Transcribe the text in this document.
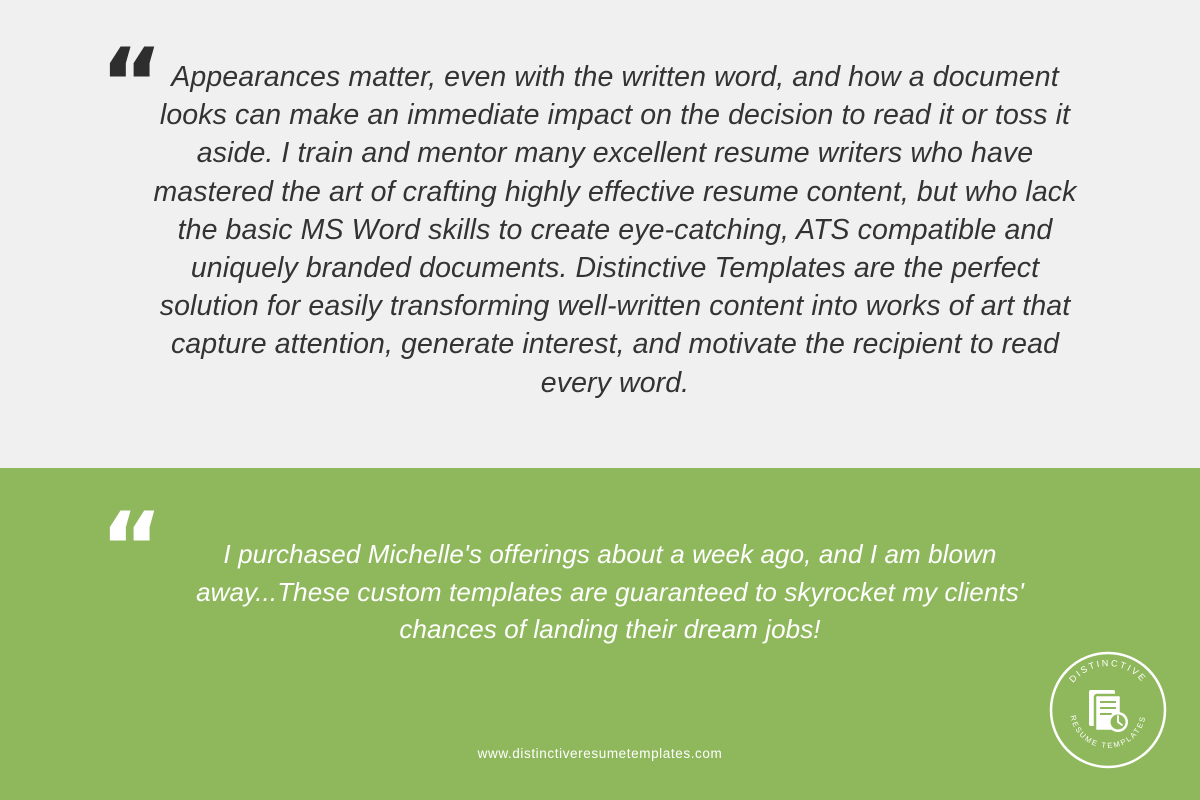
“ Appearances matter, even with the written word, and how a document looks can make an immediate impact on the decision to read it or toss it aside. I train and mentor many excellent resume writers who have mastered the art of crafting highly effective resume content, but who lack the basic MS Word skills to create eye-catching, ATS compatible and uniquely branded documents. Distinctive Templates are the perfect solution for easily transforming well-written content into works of art that capture attention, generate interest, and motivate the recipient to read every word.

“	I purchased Michelle's offerings about a week ago, and I am blown away...These custom templates are guaranteed to skyrocket my clients' chances of landing their dream jobs!

www.distinctiveresumetemplates.com
DISTINCTIVE
RESUME TEMPLATES
